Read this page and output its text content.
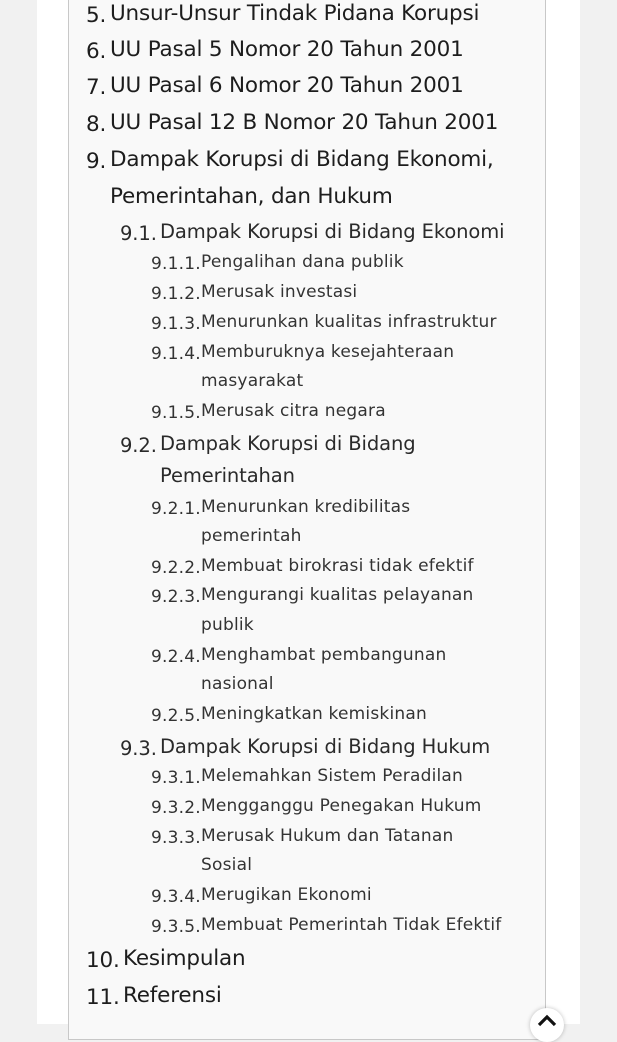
5. Unsur-Unsur Tindak Pidana Korupsi
6. UU Pasal 5 Nomor 20 Tahun 2001
7. UU Pasal 6 Nomor 20 Tahun 2001
8. UU Pasal 12 B Nomor 20 Tahun 2001
9. Dampak Korupsi di Bidang Ekonomi,
Pemerintahan, dan Hukum
9.1. Dampak Korupsi di Bidang Ekonomi
9.1.1. Pengalihan dana publik
9.1.2. Merusak investasi
9.1.3. Menurunkan kualitas infrastruktur
9.1.4. Memburuknya kesejahteraan
masyarakat
9.1.5. Merusak citra negara
9.2. Dampak Korupsi di Bidang
Pemerintahan
9.2.1. Menurunkan kredibilitas
pemerintah
9.2.2. Membuat birokrasi tidak efektif
9.2.3. Mengurangi kualitas pelayanan
publik
9.2.4. Menghambat pembangunan
nasional
9.2.5. Meningkatkan kemiskinan
9.3. Dampak Korupsi di Bidang Hukum
9.3.1. Melemahkan Sistem Peradilan
9.3.2. Mengganggu Penegakan Hukum
9.3.3. Merusak Hukum dan Tatanan
Sosial
9.3.4. Merugikan Ekonomi
9.3.5. Membuat Pemerintah Tidak Efektif
10. Kesimpulan
11. Referensi
